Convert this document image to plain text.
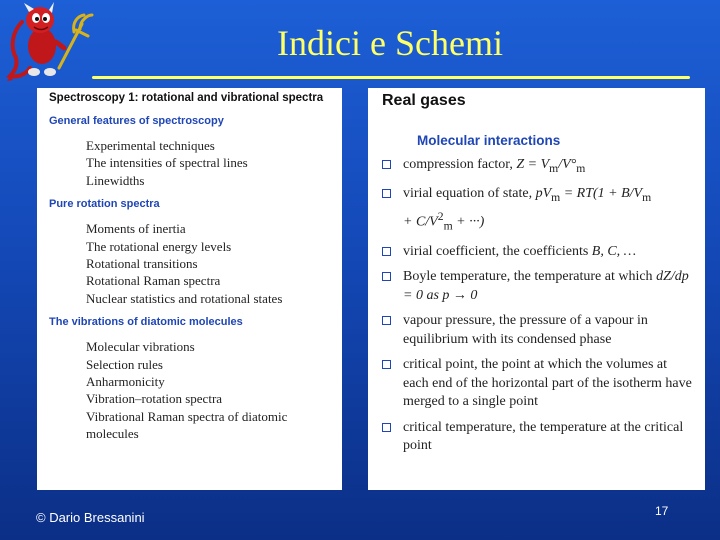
Indici e Schemi
Spectroscopy 1: rotational and vibrational spectra
General features of spectroscopy
Experimental techniques
The intensities of spectral lines
Linewidths
Pure rotation spectra
Moments of inertia
The rotational energy levels
Rotational transitions
Rotational Raman spectra
Nuclear statistics and rotational states
The vibrations of diatomic molecules
Molecular vibrations
Selection rules
Anharmonicity
Vibration–rotation spectra
Vibrational Raman spectra of diatomic molecules
Real gases
Molecular interactions
compression factor, $Z = V_m/V^\circ_m$
virial equation of state, $pV_m = RT(1 + B/V_m$
+ $C/V^2_m$ + ···)
virial coefficient, the coefficients B, C, …
Boyle temperature, the temperature at which dZ/dp = 0 as p → 0
vapour pressure, the pressure of a vapour in equilibrium with its condensed phase
critical point, the point at which the volumes at each end of the horizontal part of the isotherm have merged to a single point
critical temperature, the temperature at the critical point
© Dario Bressanini	17
